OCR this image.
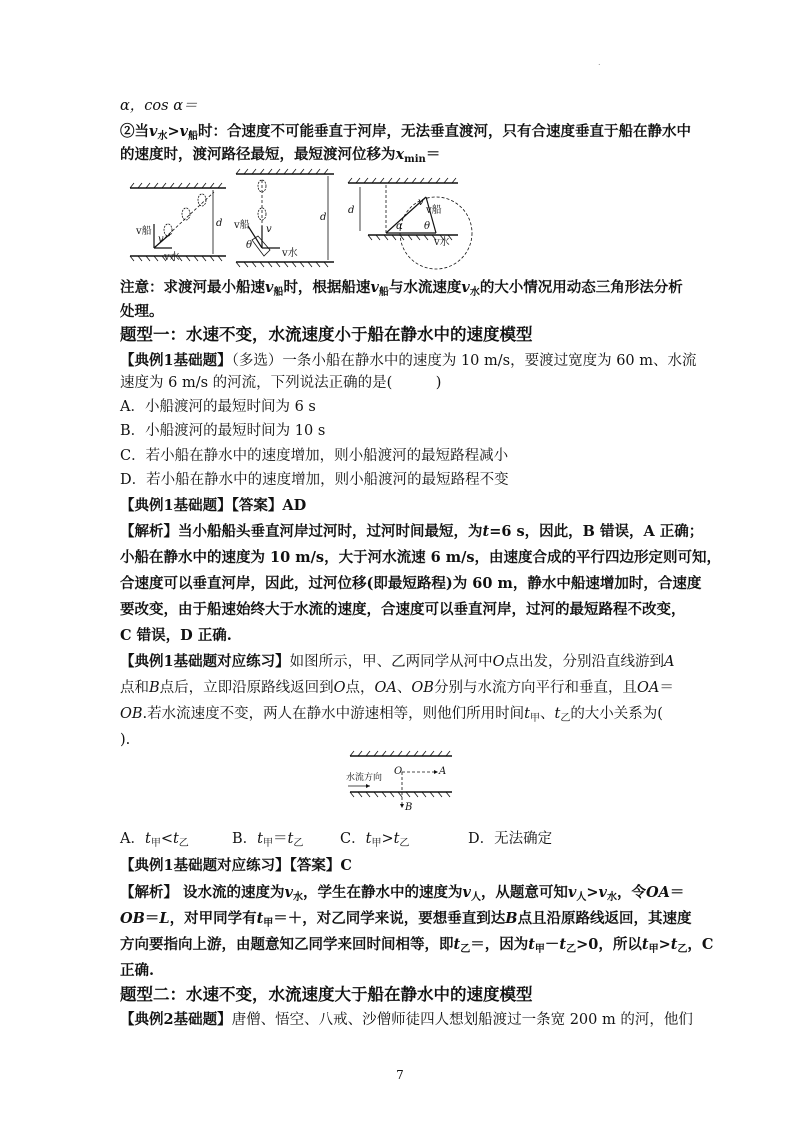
.
α，cos α＝
②当$v_水>v_船$时：合速度不可能垂直于河岸，无法垂直渡河，只有合速度垂直于船在静水中
的速度时，渡河路径最短，最短渡河位移为$x_{min}=$
v船
v
v水
d v船 v
θ
v水
d
d
v
v船
α θ
v水
注意：求渡河最小船速$v_船$时，根据船速$v_船$与水流速度$v_水$的大小情况用动态三角形法分析
处理。
题型一：水速不变，水流速度小于船在静水中的速度模型
【典例1基础题】（多选）一条小船在静水中的速度为 10 m/s，要渡过宽度为 60 m、水流
速度为 6 m/s 的河流，下列说法正确的是(　　　)
A．小船渡河的最短时间为 6 s
B．小船渡河的最短时间为 10 s
C．若小船在静水中的速度增加，则小船渡河的最短路程减小
D．若小船在静水中的速度增加，则小船渡河的最短路程不变
【典例1基础题】【答案】AD
【解析】当小船船头垂直河岸过河时，过河时间最短，为t=6 s，因此，B 错误，A 正确；
小船在静水中的速度为 10 m/s，大于河水流速 6 m/s，由速度合成的平行四边形定则可知，
合速度可以垂直河岸，因此，过河位移(即最短路程)为 60 m，静水中船速增加时，合速度
要改变，由于船速始终大于水流的速度，合速度可以垂直河岸，过河的最短路程不改变，
C 错误，D 正确.
【典例1基础题对应练习】如图所示，甲、乙两同学从河中O点出发，分别沿直线游到A
点和B点后，立即沿原路线返回到O点，OA、OB分别与水流方向平行和垂直，且OA＝
OB.若水流速度不变，两人在静水中游速相等，则他们所用时间$t_甲$、$t_乙$的大小关系为(
).
水流方向
O	A
B
A．$t_甲<t_乙$	B．$t_甲=t_乙$	C．$t_甲>t_乙$	D．无法确定
【典例1基础题对应练习】【答案】C
【解析】 设水流的速度为$v_水$，学生在静水中的速度为$v_人$，从题意可知$v_人>v_水$，令OA＝
OB＝L，对甲同学有$t_甲=+$，对乙同学来说，要想垂直到达B点且沿原路线返回，其速度
方向要指向上游，由题意知乙同学来回时间相等，即$t_乙=$，因为$t_甲-t_乙>0$，所以$t_甲>t_乙$，C
正确.
题型二：水速不变，水流速度大于船在静水中的速度模型
【典例2基础题】唐僧、悟空、八戒、沙僧师徒四人想划船渡过一条宽 200 m 的河，他们
7
